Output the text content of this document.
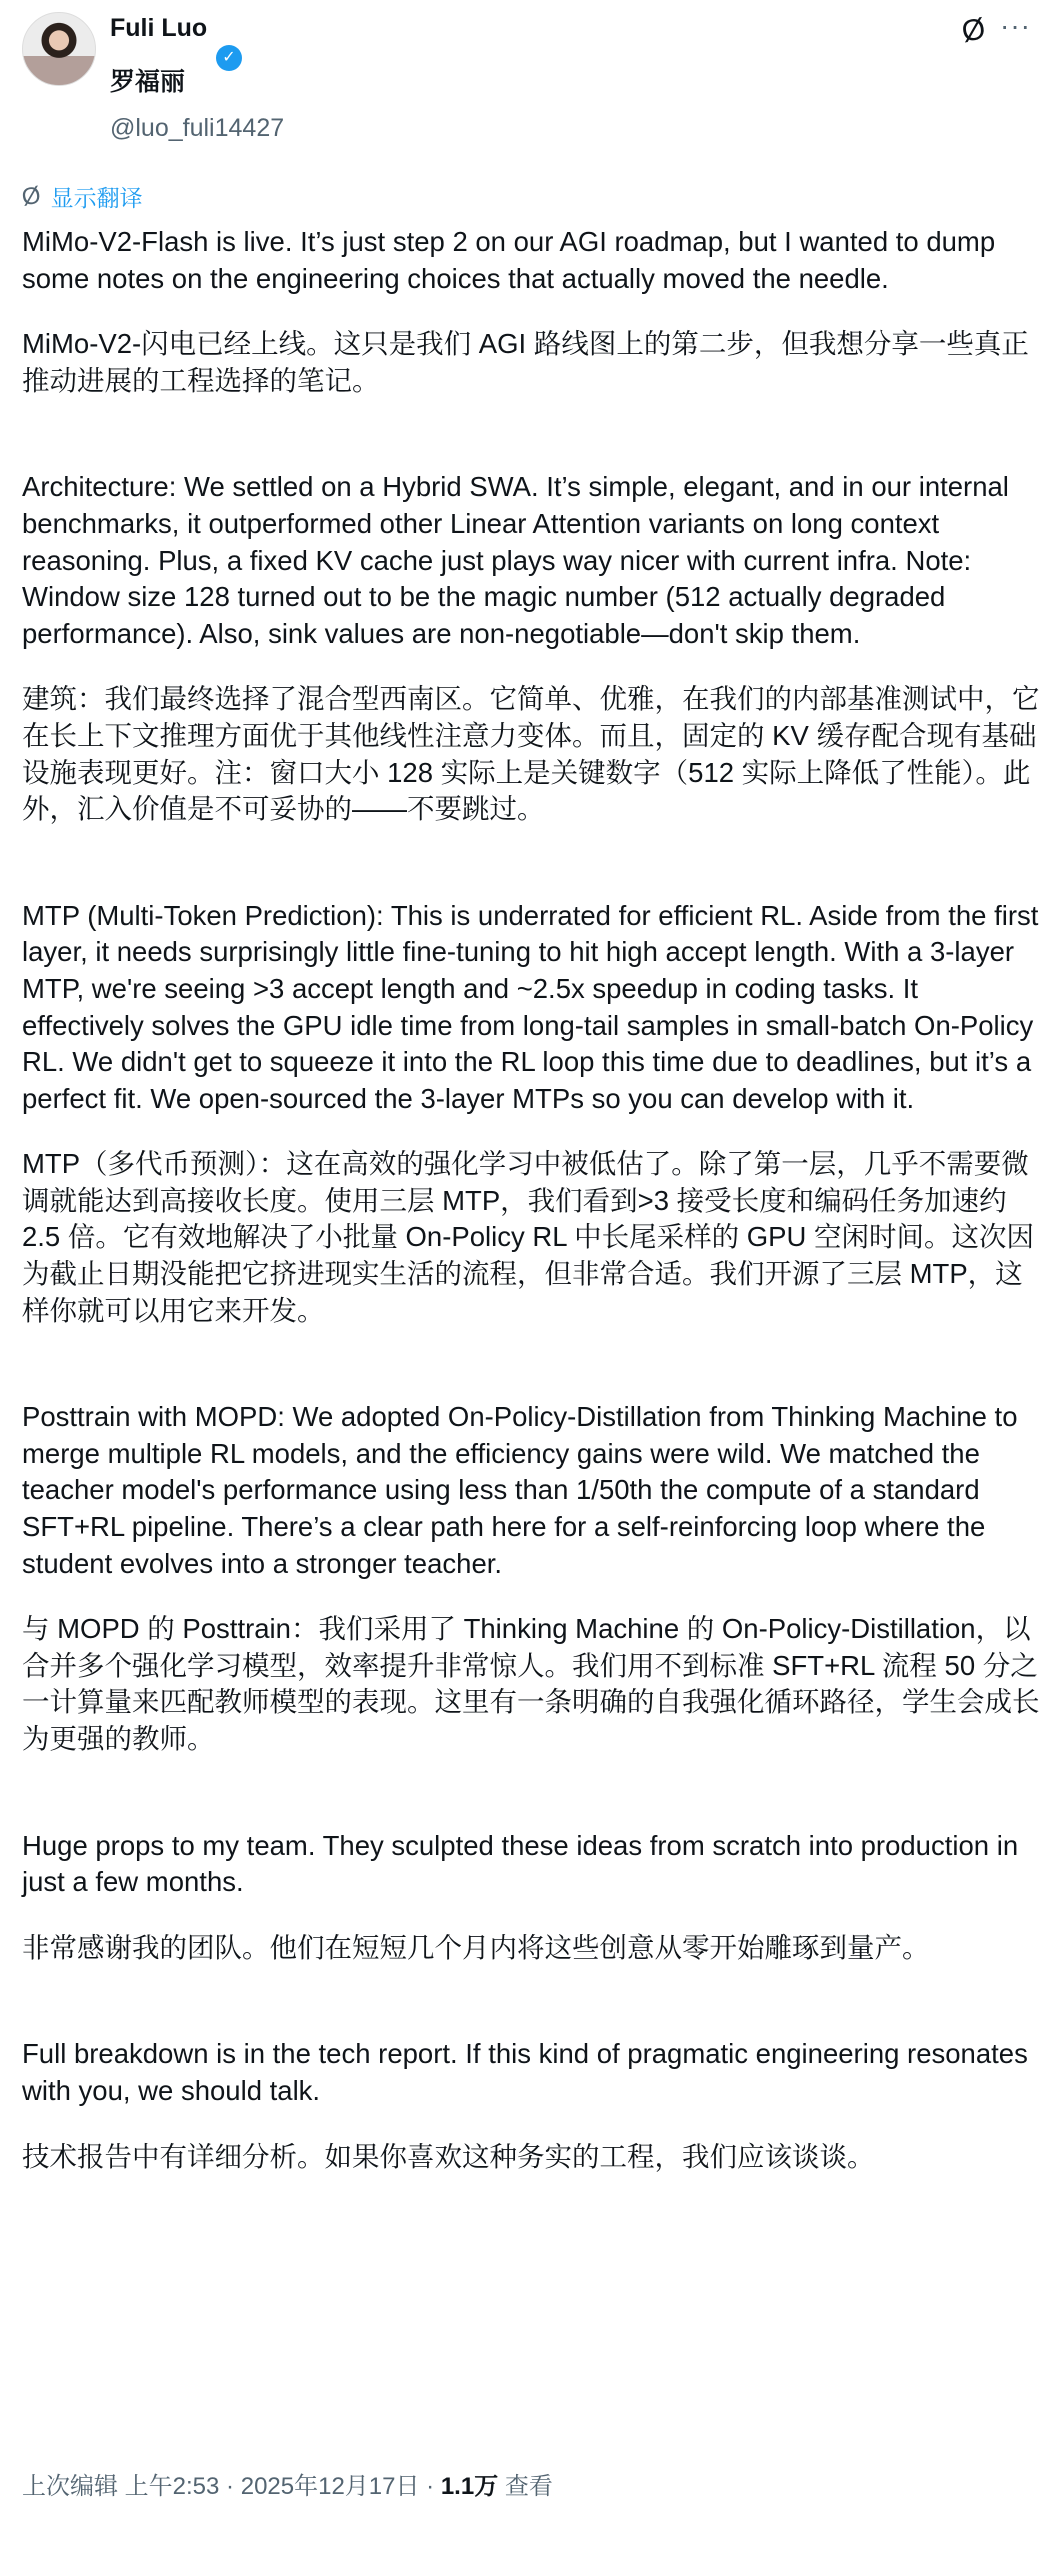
Fuli Luo
✓
罗福丽
@luo_fuli14427
Ø ···
Ø 显示翻译

MiMo-V2-Flash is live. It’s just step 2 on our AGI roadmap, but I wanted to dump some notes on the engineering choices that actually moved the needle.

MiMo-V2-闪电已经上线。这只是我们 AGI 路线图上的第二步，但我想分享一些真正推动进展的工程选择的笔记。

Architecture: We settled on a Hybrid SWA. It’s simple, elegant, and in our internal benchmarks, it outperformed other Linear Attention variants on long context reasoning. Plus, a fixed KV cache just plays way nicer with current infra. Note: Window size 128 turned out to be the magic number (512 actually degraded performance). Also, sink values are non-negotiable—don't skip them.

建筑：我们最终选择了混合型西南区。它简单、优雅，在我们的内部基准测试中，它在长上下文推理方面优于其他线性注意力变体。而且，固定的 KV 缓存配合现有基础设施表现更好。注：窗口大小 128 实际上是关键数字（512 实际上降低了性能）。此外，汇入价值是不可妥协的——不要跳过。

MTP (Multi-Token Prediction): This is underrated for efficient RL. Aside from the first layer, it needs surprisingly little fine-tuning to hit high accept length. With a 3-layer MTP, we're seeing >3 accept length and ~2.5x speedup in coding tasks. It effectively solves the GPU idle time from long-tail samples in small-batch On-Policy RL. We didn't get to squeeze it into the RL loop this time due to deadlines, but it’s a perfect fit. We open-sourced the 3-layer MTPs so you can develop with it.

MTP（多代币预测）：这在高效的强化学习中被低估了。除了第一层，几乎不需要微调就能达到高接收长度。使用三层 MTP，我们看到>3 接受长度和编码任务加速约 2.5 倍。它有效地解决了小批量 On-Policy RL 中长尾采样的 GPU 空闲时间。这次因为截止日期没能把它挤进现实生活的流程，但非常合适。我们开源了三层 MTP，这样你就可以用它来开发。

Posttrain with MOPD: We adopted On-Policy-Distillation from Thinking Machine to merge multiple RL models, and the efficiency gains were wild. We matched the teacher model's performance using less than 1/50th the compute of a standard SFT+RL pipeline. There’s a clear path here for a self-reinforcing loop where the student evolves into a stronger teacher.

与 MOPD 的 Posttrain：我们采用了 Thinking Machine 的 On-Policy-Distillation，以合并多个强化学习模型，效率提升非常惊人。我们用不到标准 SFT+RL 流程 50 分之一计算量来匹配教师模型的表现。这里有一条明确的自我强化循环路径，学生会成长为更强的教师。

Huge props to my team. They sculpted these ideas from scratch into production in just a few months.

非常感谢我的团队。他们在短短几个月内将这些创意从零开始雕琢到量产。

Full breakdown is in the tech report. If this kind of pragmatic engineering resonates with you, we should talk.

技术报告中有详细分析。如果你喜欢这种务实的工程，我们应该谈谈。

上次编辑 上午2:53 · 2025年12月17日 · 1.1万 查看
